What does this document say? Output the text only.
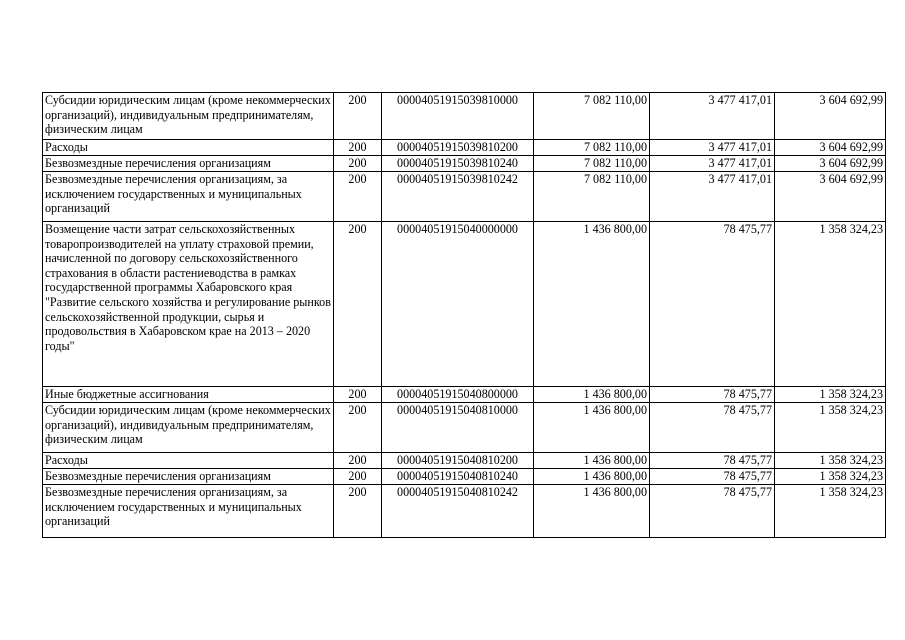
Субсидии юридическим лицам (кроме некоммерческих организаций), индивидуальным предпринимателям, физическим лицам	200	00004051915039810000	7 082 110,00	3 477 417,01	3 604 692,99
Расходы	200	00004051915039810200	7 082 110,00	3 477 417,01	3 604 692,99
Безвозмездные перечисления организациям	200	00004051915039810240	7 082 110,00	3 477 417,01	3 604 692,99
Безвозмездные перечисления организациям, за исключением государственных и муниципальных организаций	200	00004051915039810242	7 082 110,00	3 477 417,01	3 604 692,99
Возмещение части затрат сельскохозяйственных товаропроизводителей на уплату страховой премии, начисленной по договору сельскохозяйственного страхования в области растениеводства в рамках государственной программы Хабаровского края "Развитие сельского хозяйства и регулирование рынков сельскохозяйственной продукции, сырья и продовольствия в Хабаровском крае на 2013 – 2020 годы"	200	00004051915040000000	1 436 800,00	78 475,77	1 358 324,23
Иные бюджетные ассигнования	200	00004051915040800000	1 436 800,00	78 475,77	1 358 324,23
Субсидии юридическим лицам (кроме некоммерческих организаций), индивидуальным предпринимателям, физическим лицам	200	00004051915040810000	1 436 800,00	78 475,77	1 358 324,23
Расходы	200	00004051915040810200	1 436 800,00	78 475,77	1 358 324,23
Безвозмездные перечисления организациям	200	00004051915040810240	1 436 800,00	78 475,77	1 358 324,23
Безвозмездные перечисления организациям, за исключением государственных и муниципальных организаций	200	00004051915040810242	1 436 800,00	78 475,77	1 358 324,23
